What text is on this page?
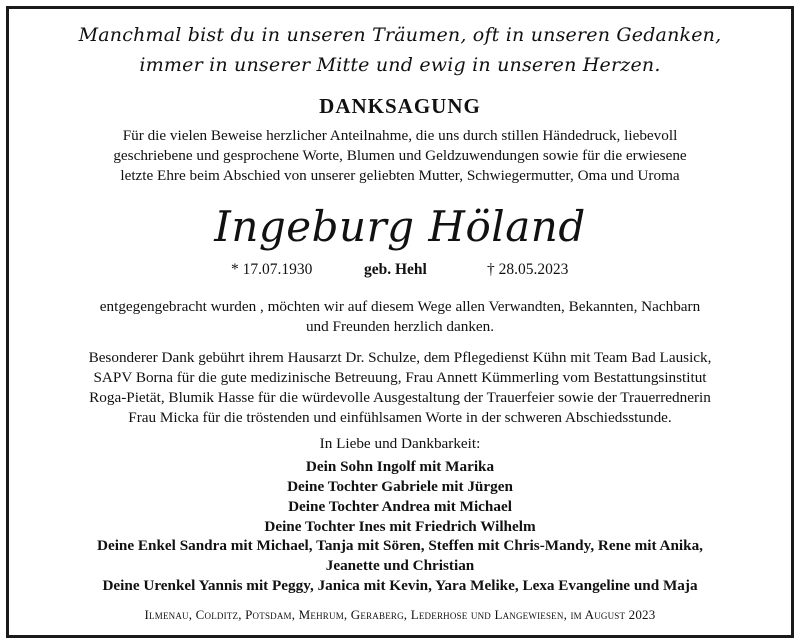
Manchmal bist du in unseren Träumen, oft in unseren Gedanken,
immer in unserer Mitte und ewig in unseren Herzen.
DANKSAGUNG
Für die vielen Beweise herzlicher Anteilnahme, die uns durch stillen Händedruck, liebevoll
geschriebene und gesprochene Worte, Blumen und Geldzuwendungen sowie für die erwiesene
letzte Ehre beim Abschied von unserer geliebten Mutter, Schwiegermutter, Oma und Uroma
Ingeburg Höland
* 17.07.1930	geb. Hehl	† 28.05.2023
entgegengebracht wurden , möchten wir auf diesem Wege allen Verwandten, Bekannten, Nachbarn
und Freunden herzlich danken.
Besonderer Dank gebührt ihrem Hausarzt Dr. Schulze, dem Pflegedienst Kühn mit Team Bad Lausick,
SAPV Borna für die gute medizinische Betreuung, Frau Annett Kümmerling vom Bestattungsinstitut
Roga-Pietät, Blumik Hasse für die würdevolle Ausgestaltung der Trauerfeier sowie der Trauerrednerin
Frau Micka für die tröstenden und einfühlsamen Worte in der schweren Abschiedsstunde.
In Liebe und Dankbarkeit:
Dein Sohn Ingolf mit Marika
Deine Tochter Gabriele mit Jürgen
Deine Tochter Andrea mit Michael
Deine Tochter Ines mit Friedrich Wilhelm
Deine Enkel Sandra mit Michael, Tanja mit Sören, Steffen mit Chris-Mandy, Rene mit Anika,
Jeanette und Christian
Deine Urenkel Yannis mit Peggy, Janica mit Kevin, Yara Melike, Lexa Evangeline und Maja
Ilmenau, Colditz, Potsdam, Mehrum, Geraberg, Lederhose und Langewiesen, im August 2023
